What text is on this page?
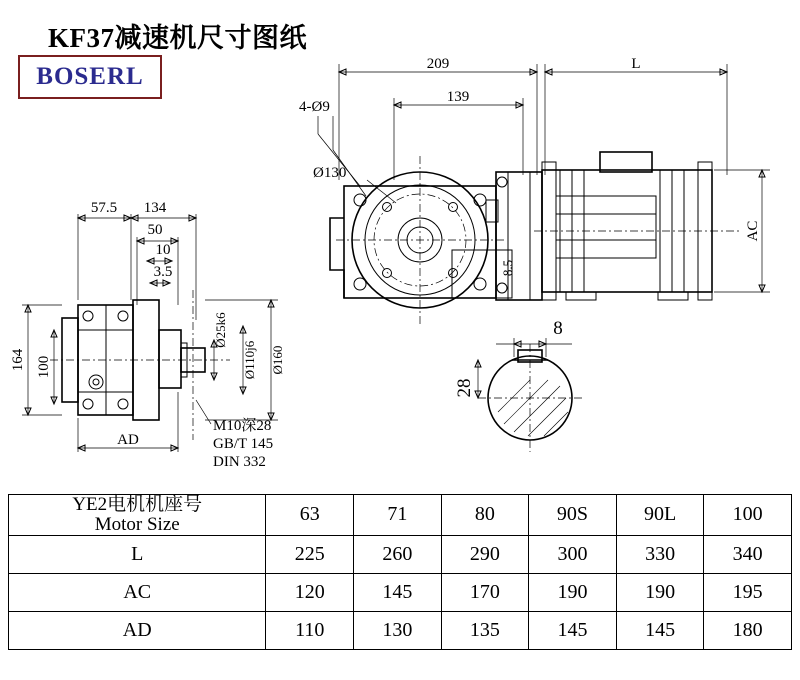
KF37减速机尺寸图纸
BOSERL	209	L
139
4-Ø9
Ø130
8.5
AC
57.5 134
50
10
3.5
164 100
AD
Ø25k6
Ø110j6 Ø160
M10深28
GB/T 145
DIN 332
8
28
YE2电机机座号
Motor Size	63	71	80	90S	90L	100
L	225	260	290	300	330	340
AC	120	145	170	190	190	195
AD	110	130	135	145	145	180
